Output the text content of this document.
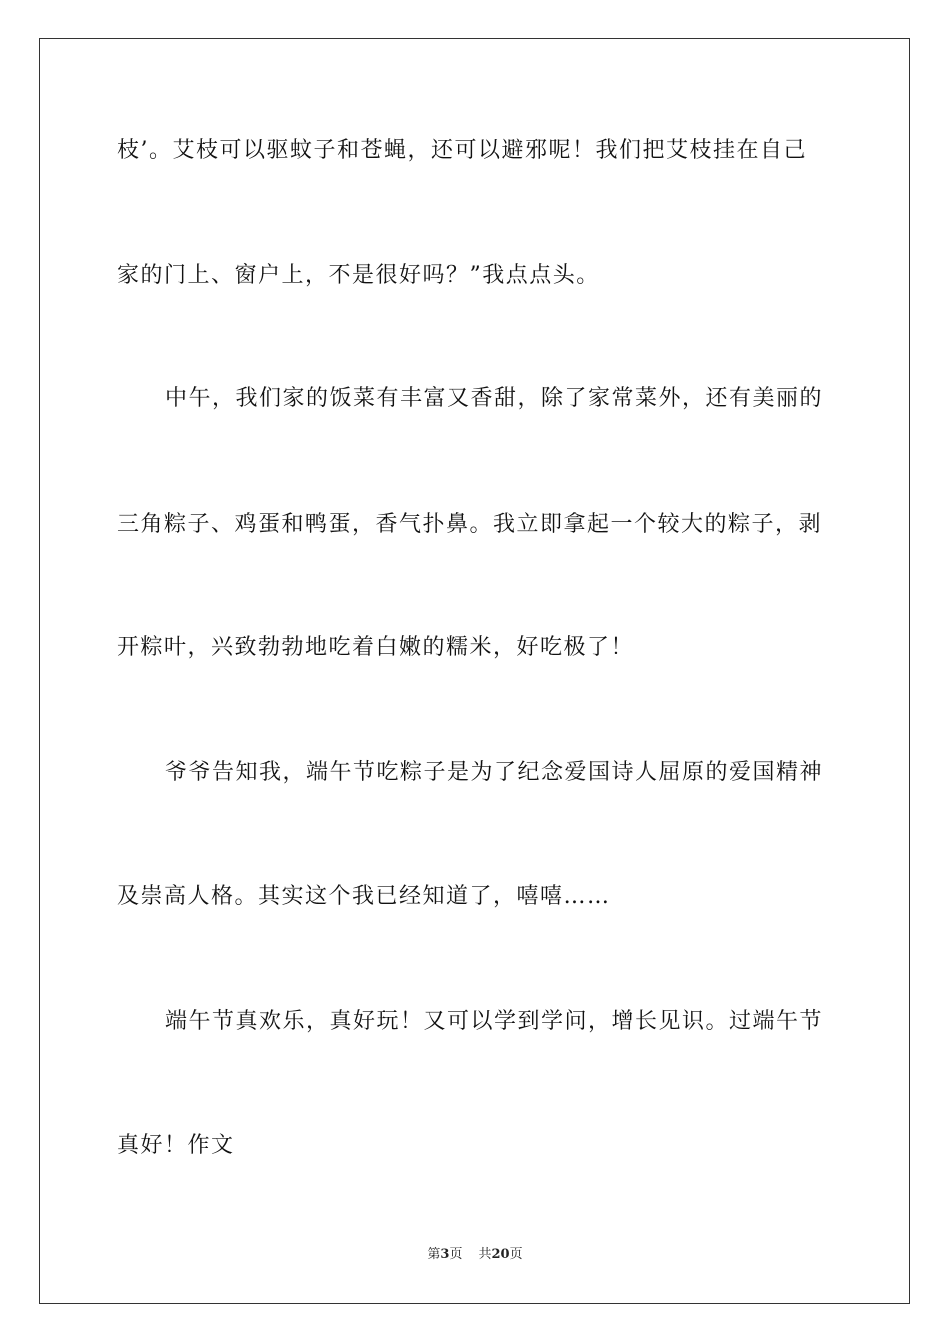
枝’。艾枝可以驱蚊子和苍蝇，还可以避邪呢！我们把艾枝挂在自己
家的门上、窗户上，不是很好吗？”我点点头。
中午，我们家的饭菜有丰富又香甜，除了家常菜外，还有美丽的
三角粽子、鸡蛋和鸭蛋，香气扑鼻。我立即拿起一个较大的粽子，剥
开粽叶，兴致勃勃地吃着白嫩的糯米，好吃极了！
爷爷告知我，端午节吃粽子是为了纪念爱国诗人屈原的爱国精神
及崇高人格。其实这个我已经知道了，嘻嘻……
端午节真欢乐，真好玩！又可以学到学问，增长见识。过端午节
真好！作文
第3页 共20页
